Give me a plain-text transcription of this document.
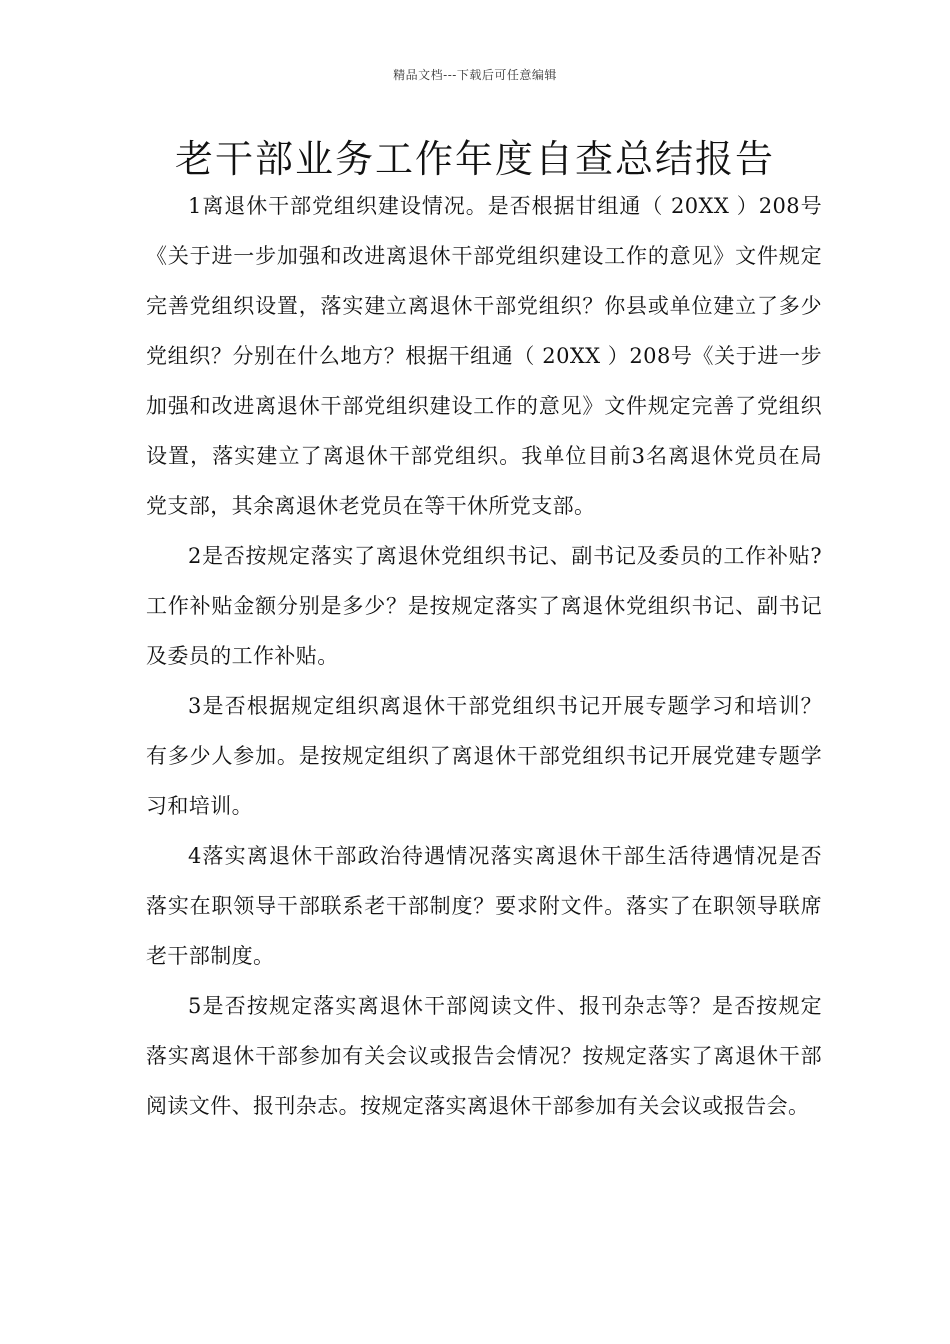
精品文档---下载后可任意编辑
老干部业务工作年度自查总结报告

1离退休干部党组织建设情况。是否根据甘组通（ 20XX ）208号《关于进一步加强和改进离退休干部党组织建设工作的意见》文件规定完善党组织设置，落实建立离退休干部党组织？你县或单位建立了多少党组织？分别在什么地方？根据干组通（ 20XX ）208号《关于进一步加强和改进离退休干部党组织建设工作的意见》文件规定完善了党组织设置，落实建立了离退休干部党组织。我单位目前3名离退休党员在局党支部，其余离退休老党员在等干休所党支部。

2是否按规定落实了离退休党组织书记、副书记及委员的工作补贴?工作补贴金额分别是多少？是按规定落实了离退休党组织书记、副书记及委员的工作补贴。

3是否根据规定组织离退休干部党组织书记开展专题学习和培训？有多少人参加。是按规定组织了离退休干部党组织书记开展党建专题学习和培训。

4落实离退休干部政治待遇情况落实离退休干部生活待遇情况是否落实在职领导干部联系老干部制度？要求附文件。落实了在职领导联席老干部制度。

5是否按规定落实离退休干部阅读文件、报刊杂志等？是否按规定落实离退休干部参加有关会议或报告会情况？按规定落实了离退休干部阅读文件、报刊杂志。按规定落实离退休干部参加有关会议或报告会。
